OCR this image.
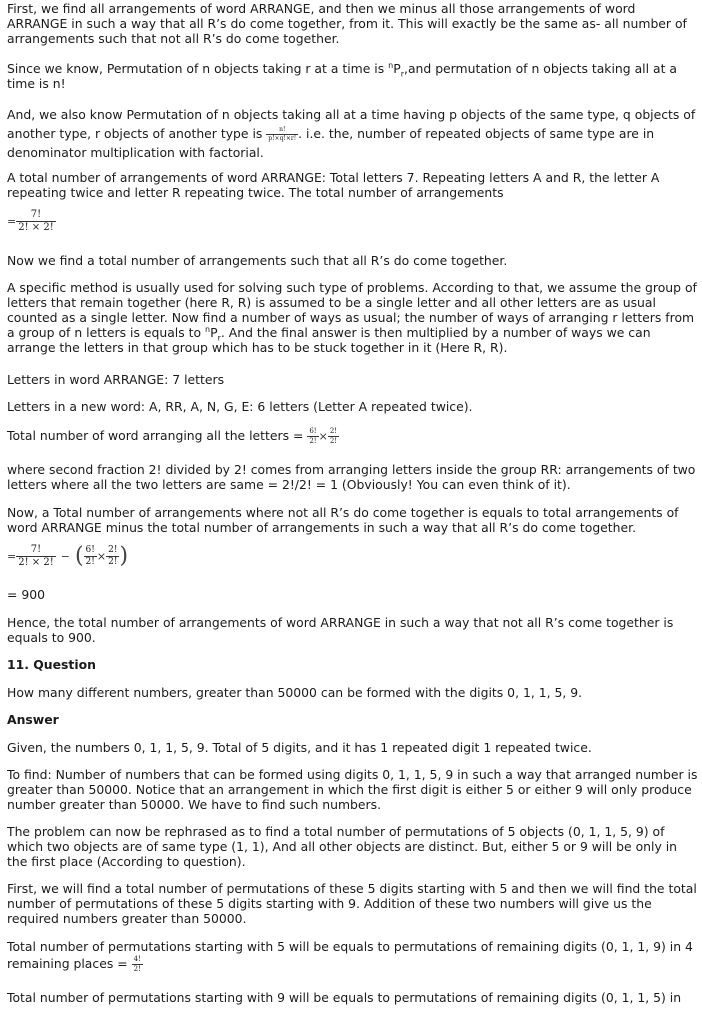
First, we find all arrangements of word ARRANGE, and then we minus all those arrangements of word ARRANGE in such a way that all R’s do come together, from it. This will exactly be the same as- all number of arrangements such that not all R’s do come together.

Since we know, Permutation of n objects taking r at a time is $^nP_r,and$ permutation of n objects taking all at a time is n!

And, we also know Permutation of n objects taking all at a time having p objects of the same type, q objects of another type, r objects of another type is $\frac{n!}{p!\times q!\times r!}$ . i.e. the, number of repeated objects of same type are in denominator multiplication with factorial.

A total number of arrangements of word ARRANGE: Total letters 7. Repeating letters A and R, the letter A repeating twice and letter R repeating twice. The total number of arrangements

= $\frac{7!}{2! \times 2!}$

Now we find a total number of arrangements such that all R’s do come together.

A specific method is usually used for solving such type of problems. According to that, we assume the group of letters that remain together (here R, R) is assumed to be a single letter and all other letters are as usual counted as a single letter. Now find a number of ways as usual; the number of ways of arranging r letters from a group of n letters is equals to $^nP_r$. And the final answer is then multiplied by a number of ways we can arrange the letters in that group which has to be stuck together in it (Here R, R).

Letters in word ARRANGE: 7 letters

Letters in a new word: A, RR, A, N, G, E: 6 letters (Letter A repeated twice).

Total number of word arranging all the letters = $\frac{6!}{2!} \times \frac{2!}{2!}$

where second fraction 2! divided by 2! comes from arranging letters inside the group RR: arrangements of two letters where all the two letters are same = 2!/2! = 1 (Obviously! You can even think of it).

Now, a Total number of arrangements where not all R’s do come together is equals to total arrangements of word ARRANGE minus the total number of arrangements in such a way that all R’s do come together.

= $\frac{7!}{2! \times 2!}$ − ( $\frac{6!}{2!} \times \frac{2!}{2!}$ )

= 900

Hence, the total number of arrangements of word ARRANGE in such a way that not all R’s come together is equals to 900.

11. Question

How many different numbers, greater than 50000 can be formed with the digits 0, 1, 1, 5, 9.

Answer

Given, the numbers 0, 1, 1, 5, 9. Total of 5 digits, and it has 1 repeated digit 1 repeated twice.

To find: Number of numbers that can be formed using digits 0, 1, 1, 5, 9 in such a way that arranged number is greater than 50000. Notice that an arrangement in which the first digit is either 5 or either 9 will only produce number greater than 50000. We have to find such numbers.

The problem can now be rephrased as to find a total number of permutations of 5 objects (0, 1, 1, 5, 9) of which two objects are of same type (1, 1), And all other objects are distinct. But, either 5 or 9 will be only in the first place (According to question).

First, we will find a total number of permutations of these 5 digits starting with 5 and then we will find the total number of permutations of these 5 digits starting with 9. Addition of these two numbers will give us the required numbers greater than 50000.

Total number of permutations starting with 5 will be equals to permutations of remaining digits (0, 1, 1, 9) in 4 remaining places = $\frac{4!}{2!}$

Total number of permutations starting with 9 will be equals to permutations of remaining digits (0, 1, 1, 5) in
